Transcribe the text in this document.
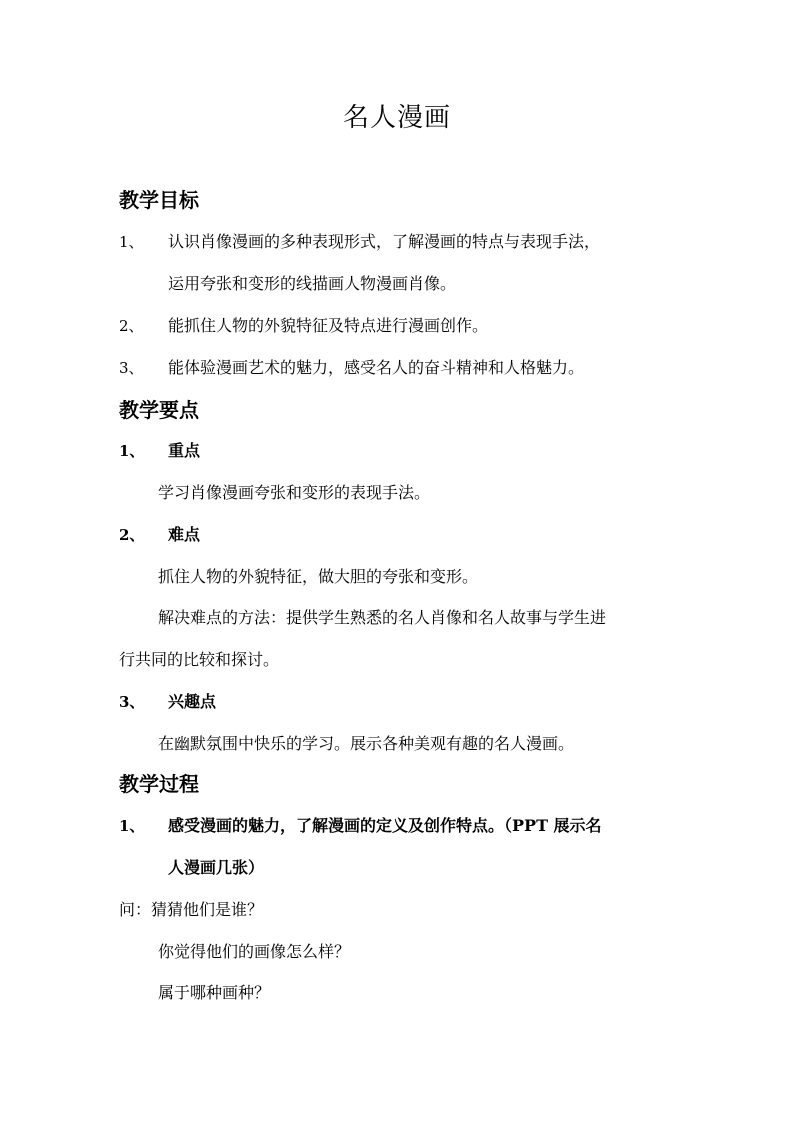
名人漫画
教学目标
1、 认识肖像漫画的多种表现形式，了解漫画的特点与表现手法，
运用夸张和变形的线描画人物漫画肖像。
2、 能抓住人物的外貌特征及特点进行漫画创作。
3、 能体验漫画艺术的魅力，感受名人的奋斗精神和人格魅力。
教学要点
1、 重点
学习肖像漫画夸张和变形的表现手法。
2、 难点
抓住人物的外貌特征，做大胆的夸张和变形。
解决难点的方法：提供学生熟悉的名人肖像和名人故事与学生进
行共同的比较和探讨。
3、 兴趣点
在幽默氛围中快乐的学习。展示各种美观有趣的名人漫画。
教学过程
1、 感受漫画的魅力，了解漫画的定义及创作特点。（PPT 展示名
人漫画几张）
问：猜猜他们是谁？
你觉得他们的画像怎么样？
属于哪种画种？
